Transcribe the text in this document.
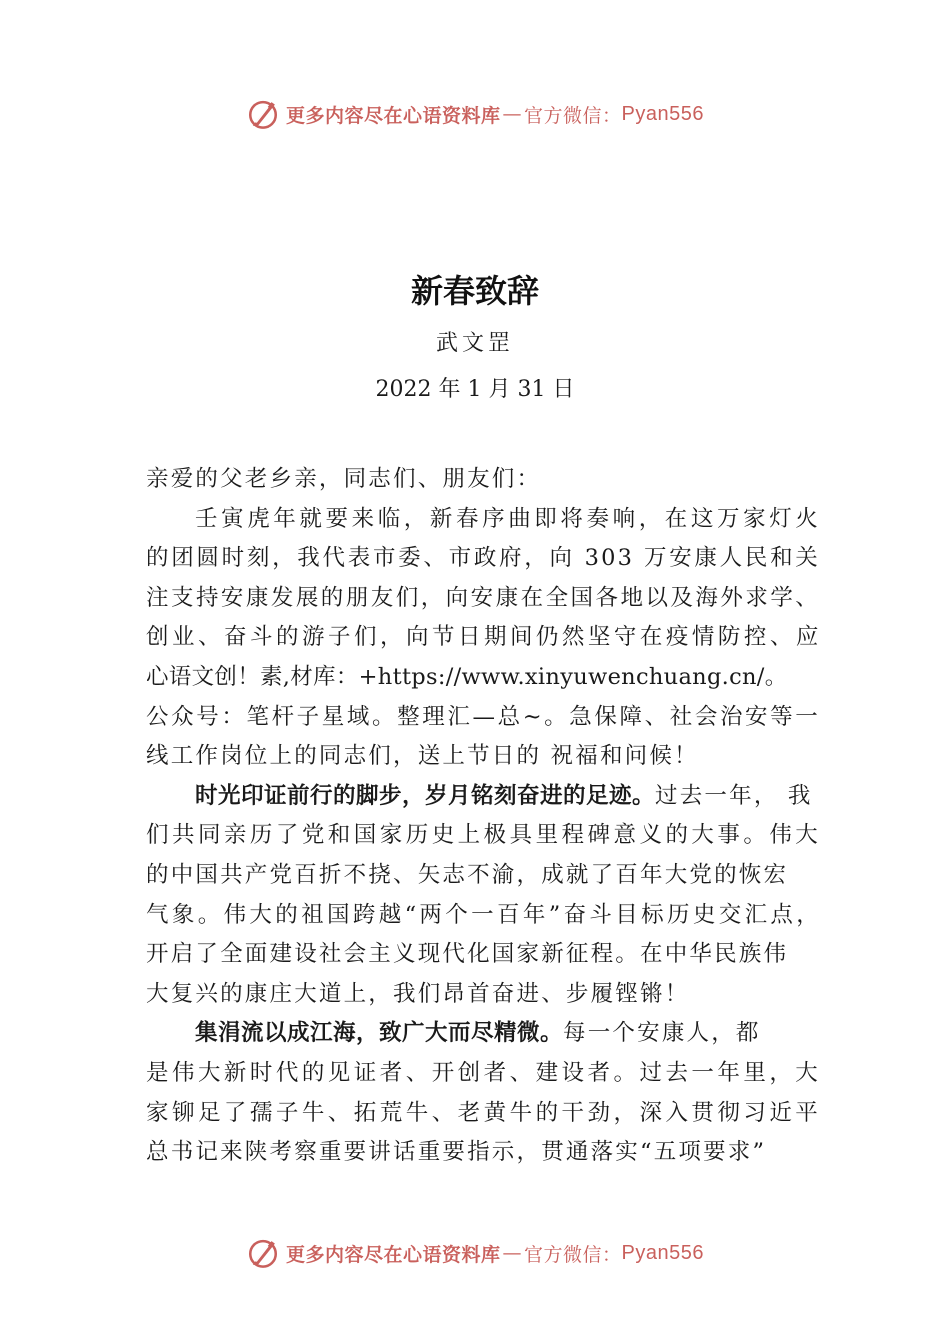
更多内容尽在心语资料库 — 官方微信： Pyan556
新春致辞
武文罡
2022 年 1 月 31 日
亲爱的父老乡亲，同志们、朋友们：
壬寅虎年就要来临，新春序曲即将奏响，在这万家灯火
的团圆时刻，我代表市委、市政府，向 303 万安康人民和关
注支持安康发展的朋友们，向安康在全国各地以及海外求学、
创业、奋斗的游子们，向节日期间仍然坚守在疫情防控、应
心语文创！素,材库：+https://www.xinyuwenchuang.cn/。
公众号：笔杆子星域。整理汇—总~。急保障、社会治安等一
线工作岗位上的同志们，送上节日的 祝福和问候！
时光印证前行的脚步，岁月铭刻奋进的足迹。过去一年， 我
们共同亲历了党和国家历史上极具里程碑意义的大事。伟大
的中国共产党百折不挠、矢志不渝，成就了百年大党的恢宏
气象。伟大的祖国跨越“两个一百年”奋斗目标历史交汇点，
开启了全面建设社会主义现代化国家新征程。在中华民族伟
大复兴的康庄大道上，我们昂首奋进、步履铿锵！
集涓流以成江海，致广大而尽精微。每一个安康人，都
是伟大新时代的见证者、开创者、建设者。过去一年里，大
家铆足了孺子牛、拓荒牛、老黄牛的干劲，深入贯彻习近平
总书记来陕考察重要讲话重要指示，贯通落实“五项要求”
更多内容尽在心语资料库 — 官方微信： Pyan556
